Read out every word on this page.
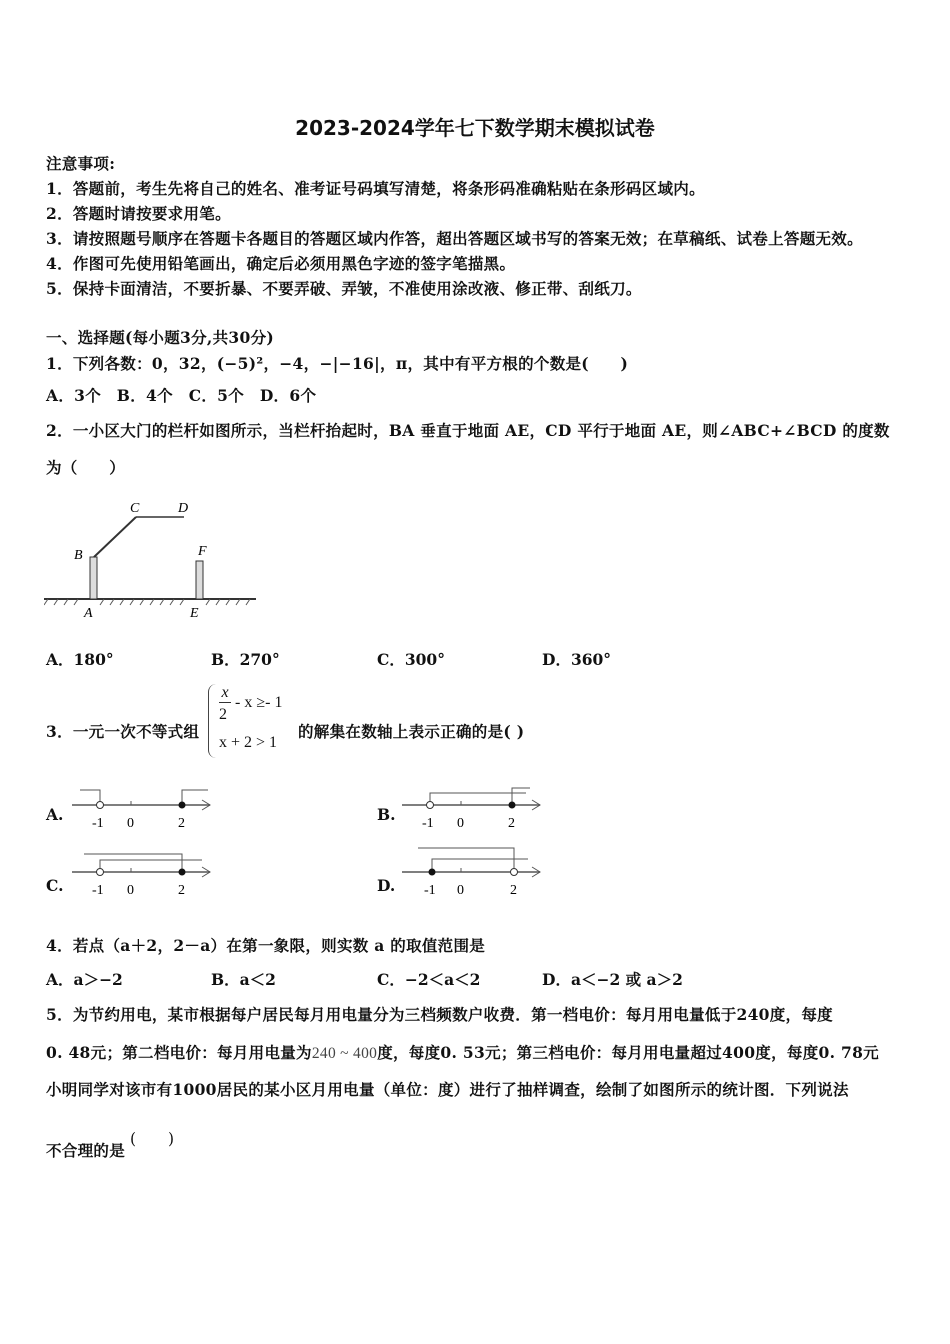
2023-2024学年七下数学期末模拟试卷
注意事项:
1．答题前，考生先将自己的姓名、准考证号码填写清楚，将条形码准确粘贴在条形码区域内。
2．答题时请按要求用笔。
3．请按照题号顺序在答题卡各题目的答题区域内作答，超出答题区域书写的答案无效；在草稿纸、试卷上答题无效。
4．作图可先使用铅笔画出，确定后必须用黑色字迹的签字笔描黑。
5．保持卡面清洁，不要折暴、不要弄破、弄皱，不准使用涂改液、修正带、刮纸刀。
一、选择题(每小题3分,共30分)
1．下列各数：0，32，(−5)²，−4，−|−16|，π，其中有平方根的个数是(　　)
A．3个　B．4个　C．5个　D．6个
2．一小区大门的栏杆如图所示，当栏杆抬起时，BA 垂直于地面 AE，CD 平行于地面 AE，则∠ABC+∠BCD 的度数
为（　　）
B
C	D
F
A	E
A．180°	B．270°	C．300°	D．360°
3．一元一次不等式组
x
2
- x ≥- 1
x + 2 > 1
的解集在数轴上表示正确的是( )
A. -1 0	2	B. -1 0	2
C. -1 0	2	D. -1 0	2
4．若点（a＋2，2－a）在第一象限，则实数 a 的取值范围是
A．a＞−2	B．a＜2	C．−2＜a＜2	D．a＜−2 或 a＞2
5．为节约用电，某市根据每户居民每月用电量分为三档频数户收费．第一档电价：每月用电量低于240度，每度
0. 48元；第二档电价：每月用电量为240 ~ 400度，每度0. 53元；第三档电价：每月用电量超过400度，每度0. 78元
小明同学对该市有1000居民的某小区月用电量（单位：度）进行了抽样调查，绘制了如图所示的统计图．下列说法
不合理的是
(　　)
